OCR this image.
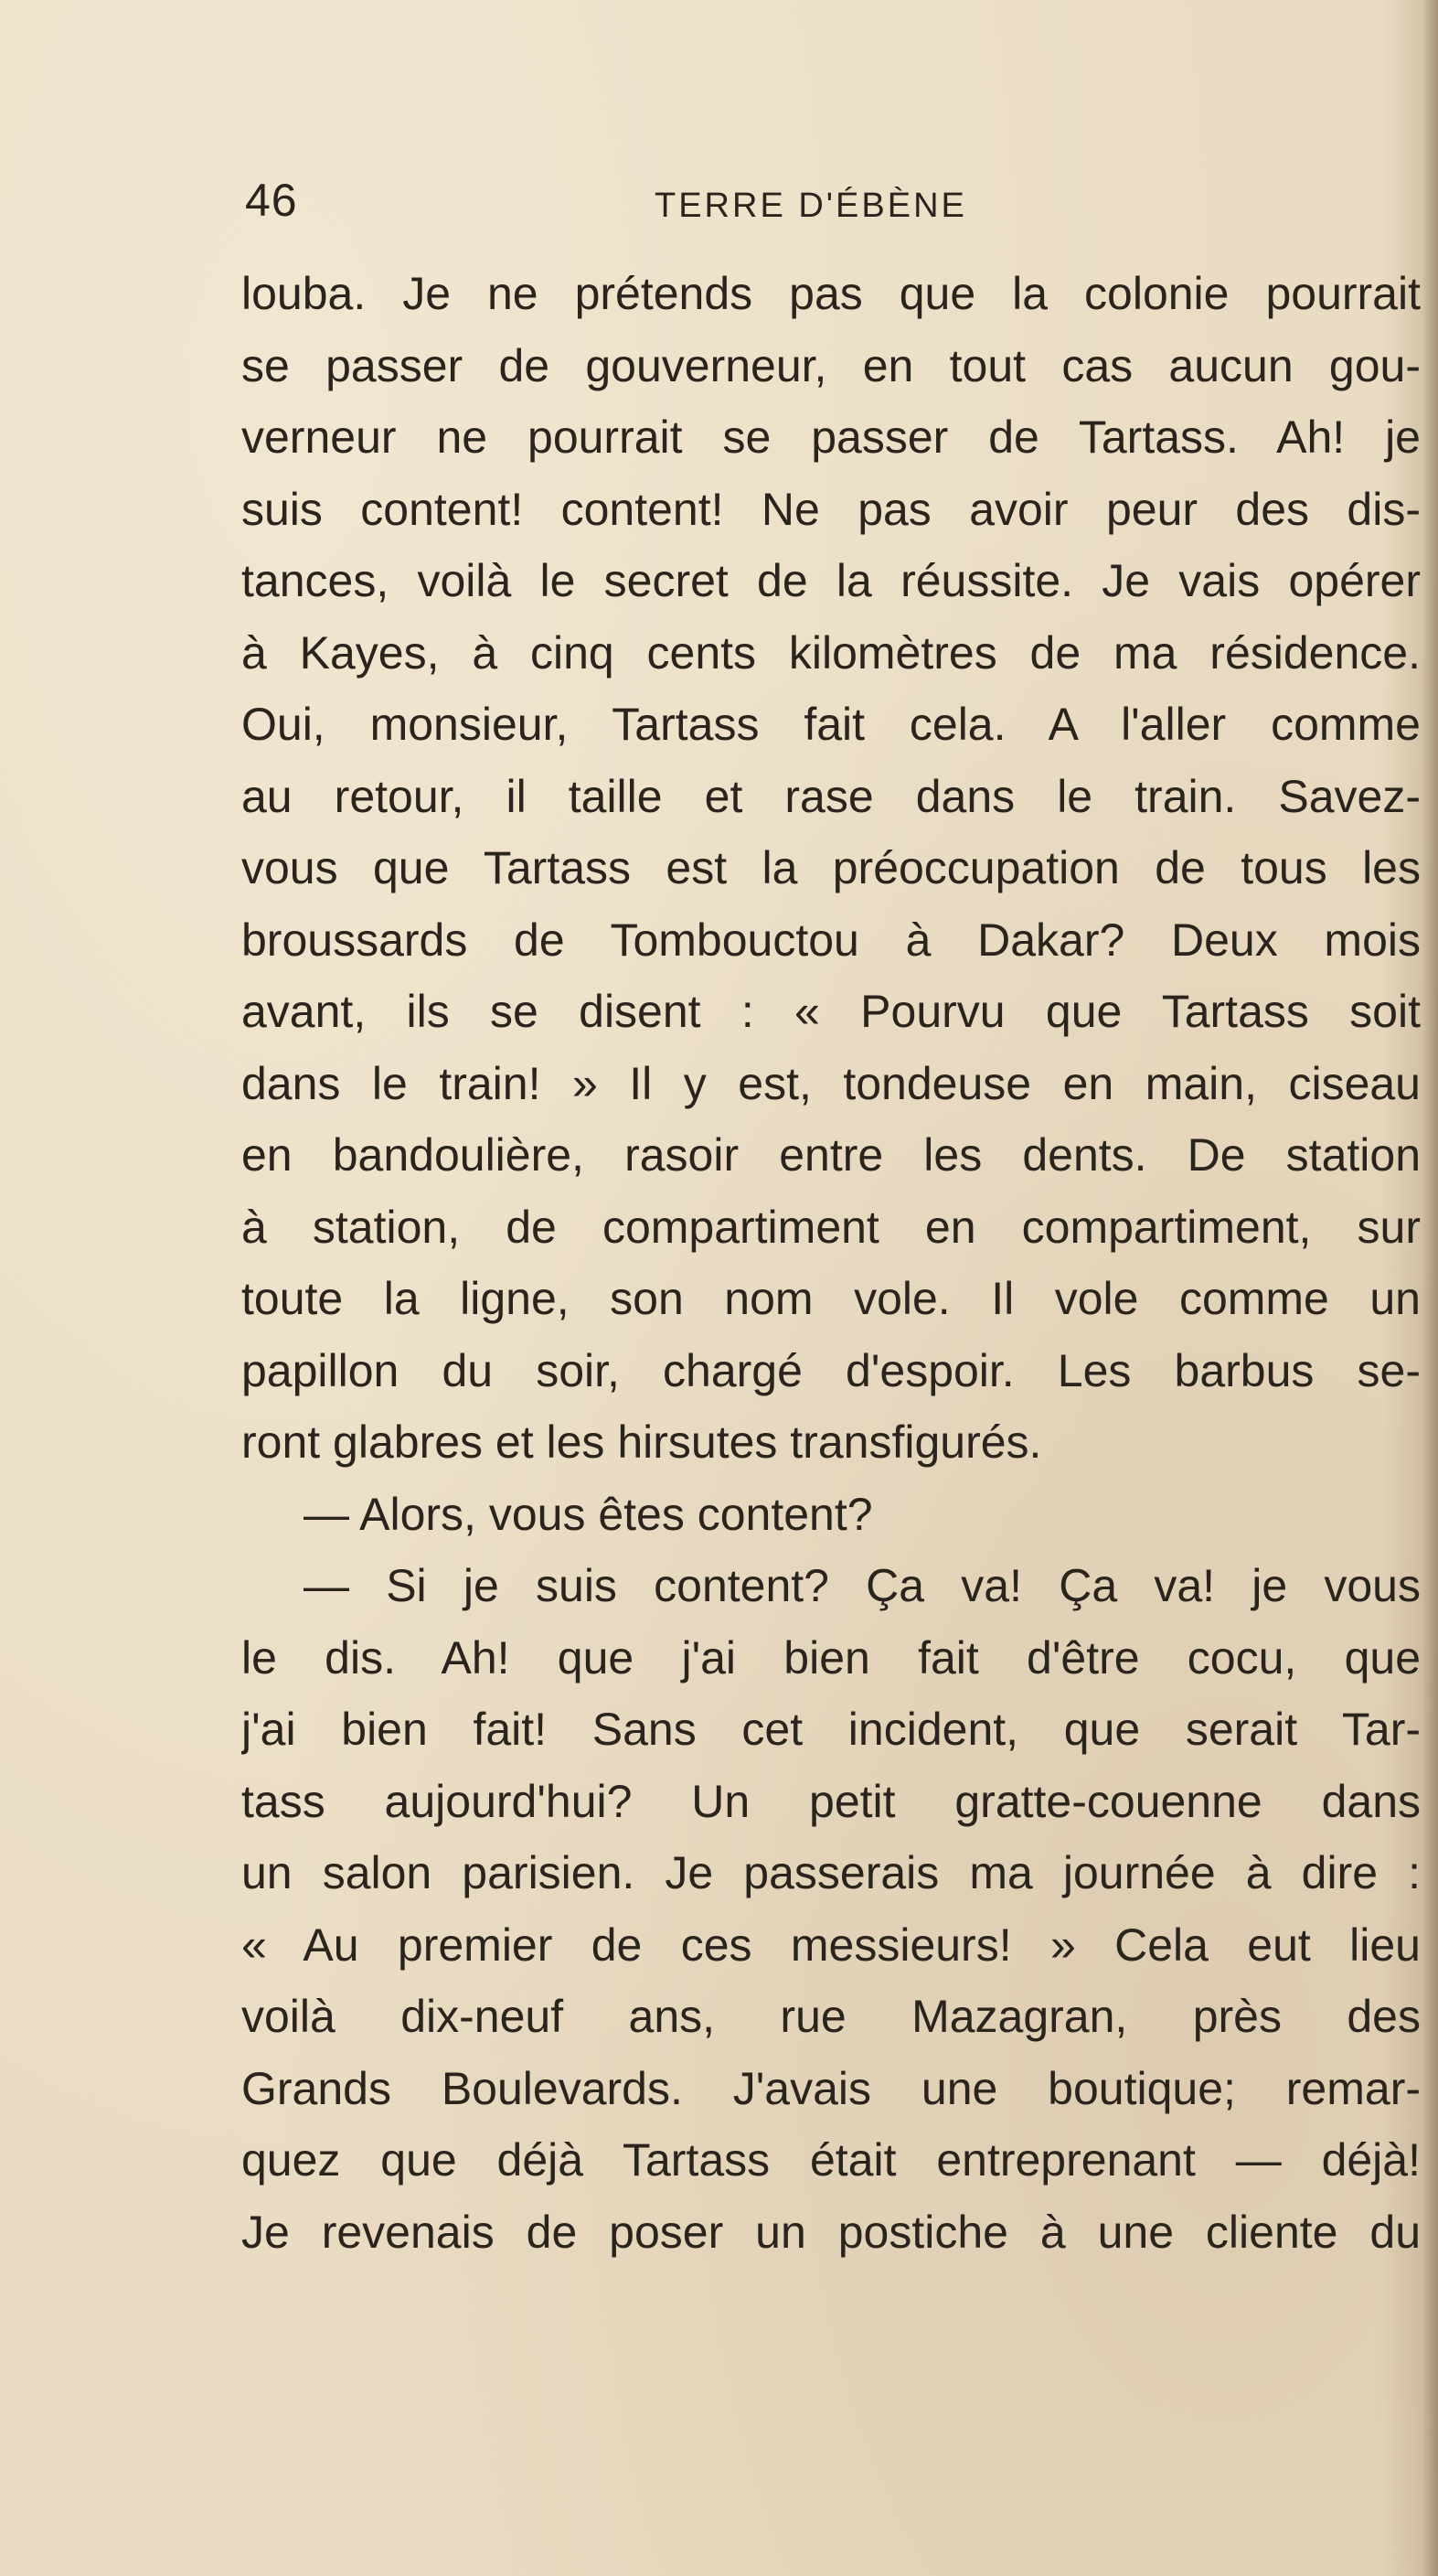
46	TERRE D'ÉBÈNE
louba. Je ne prétends pas que la colonie pourrait
se passer de gouverneur, en tout cas aucun gou-
verneur ne pourrait se passer de Tartass. Ah! je
suis content! content! Ne pas avoir peur des dis-
tances, voilà le secret de la réussite. Je vais opérer
à Kayes, à cinq cents kilomètres de ma résidence.
Oui, monsieur, Tartass fait cela. A l'aller comme
au retour, il taille et rase dans le train. Savez-
vous que Tartass est la préoccupation de tous les
broussards de Tombouctou à Dakar? Deux mois
avant, ils se disent : « Pourvu que Tartass soit
dans le train! » Il y est, tondeuse en main, ciseau
en bandoulière, rasoir entre les dents. De station
à station, de compartiment en compartiment, sur
toute la ligne, son nom vole. Il vole comme un
papillon du soir, chargé d'espoir. Les barbus se-
ront glabres et les hirsutes transfigurés.
— Alors, vous êtes content?
— Si je suis content? Ça va! Ça va! je vous
le dis. Ah! que j'ai bien fait d'être cocu, que
j'ai bien fait! Sans cet incident, que serait Tar-
tass aujourd'hui? Un petit gratte-couenne dans
un salon parisien. Je passerais ma journée à dire :
« Au premier de ces messieurs! » Cela eut lieu
voilà dix-neuf ans, rue Mazagran, près des
Grands Boulevards. J'avais une boutique; remar-
quez que déjà Tartass était entreprenant — déjà!
Je revenais de poser un postiche à une cliente du
